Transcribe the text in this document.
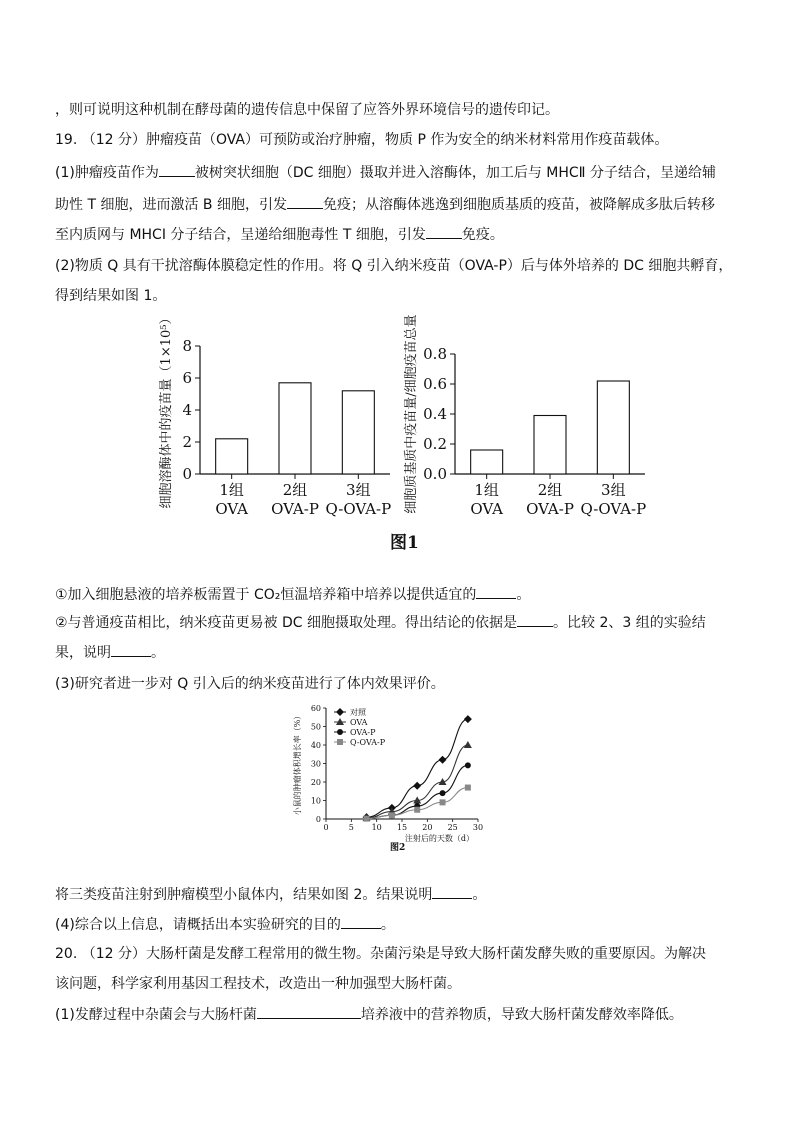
，则可说明这种机制在酵母菌的遗传信息中保留了应答外界环境信号的遗传印记。
19. （12 分）肿瘤疫苗（OVA）可预防或治疗肿瘤，物质 P 作为安全的纳米材料常用作疫苗载体。
(1)肿瘤疫苗作为	被树突状细胞（DC 细胞）摄取并进入溶酶体，加工后与 MHCⅡ 分子结合，呈递给辅
助性 T 细胞，进而激活 B 细胞，引发	免疫；从溶酶体逃逸到细胞质基质的疫苗，被降解成多肽后转移
至内质网与 MHCI 分子结合，呈递给细胞毒性 T 细胞，引发	免疫。
(2)物质 Q 具有干扰溶酶体膜稳定性的作用。将 Q 引入纳米疫苗（OVA-P）后与体外培养的 DC 细胞共孵育，
得到结果如图 1。
0
2
4
6
8
1组
OVA
2组
OVA-P
3组
Q-OVA-P
细胞溶酶体中的疫苗量（1×10⁵）	0.0
0.2
0.4
0.6
0.8
1组
OVA
2组
OVA-P
3组
Q-OVA-P
细胞质基质中疫苗量/细胞疫苗总量
图1
①加入细胞悬液的培养板需置于 CO₂恒温培养箱中培养以提供适宜的	。
②与普通疫苗相比，纳米疫苗更易被 DC 细胞摄取处理。得出结论的依据是	。比较 2、3 组的实验结
果，说明	。
(3)研究者进一步对 Q 引入后的纳米疫苗进行了体内效果评价。
0
10
20
30
40
50
60
0	5 10 15 20 25 30
注射后的天数（d）
小鼠的肿瘤体积增长率（%）	对照
OVA
OVA-P
Q-OVA-P
图2
将三类疫苗注射到肿瘤模型小鼠体内，结果如图 2。结果说明	。
(4)综合以上信息，请概括出本实验研究的目的	。
20. （12 分）大肠杆菌是发酵工程常用的微生物。杂菌污染是导致大肠杆菌发酵失败的重要原因。为解决
该问题，科学家利用基因工程技术，改造出一种加强型大肠杆菌。
(1)发酵过程中杂菌会与大肠杆菌	培养液中的营养物质，导致大肠杆菌发酵效率降低。
